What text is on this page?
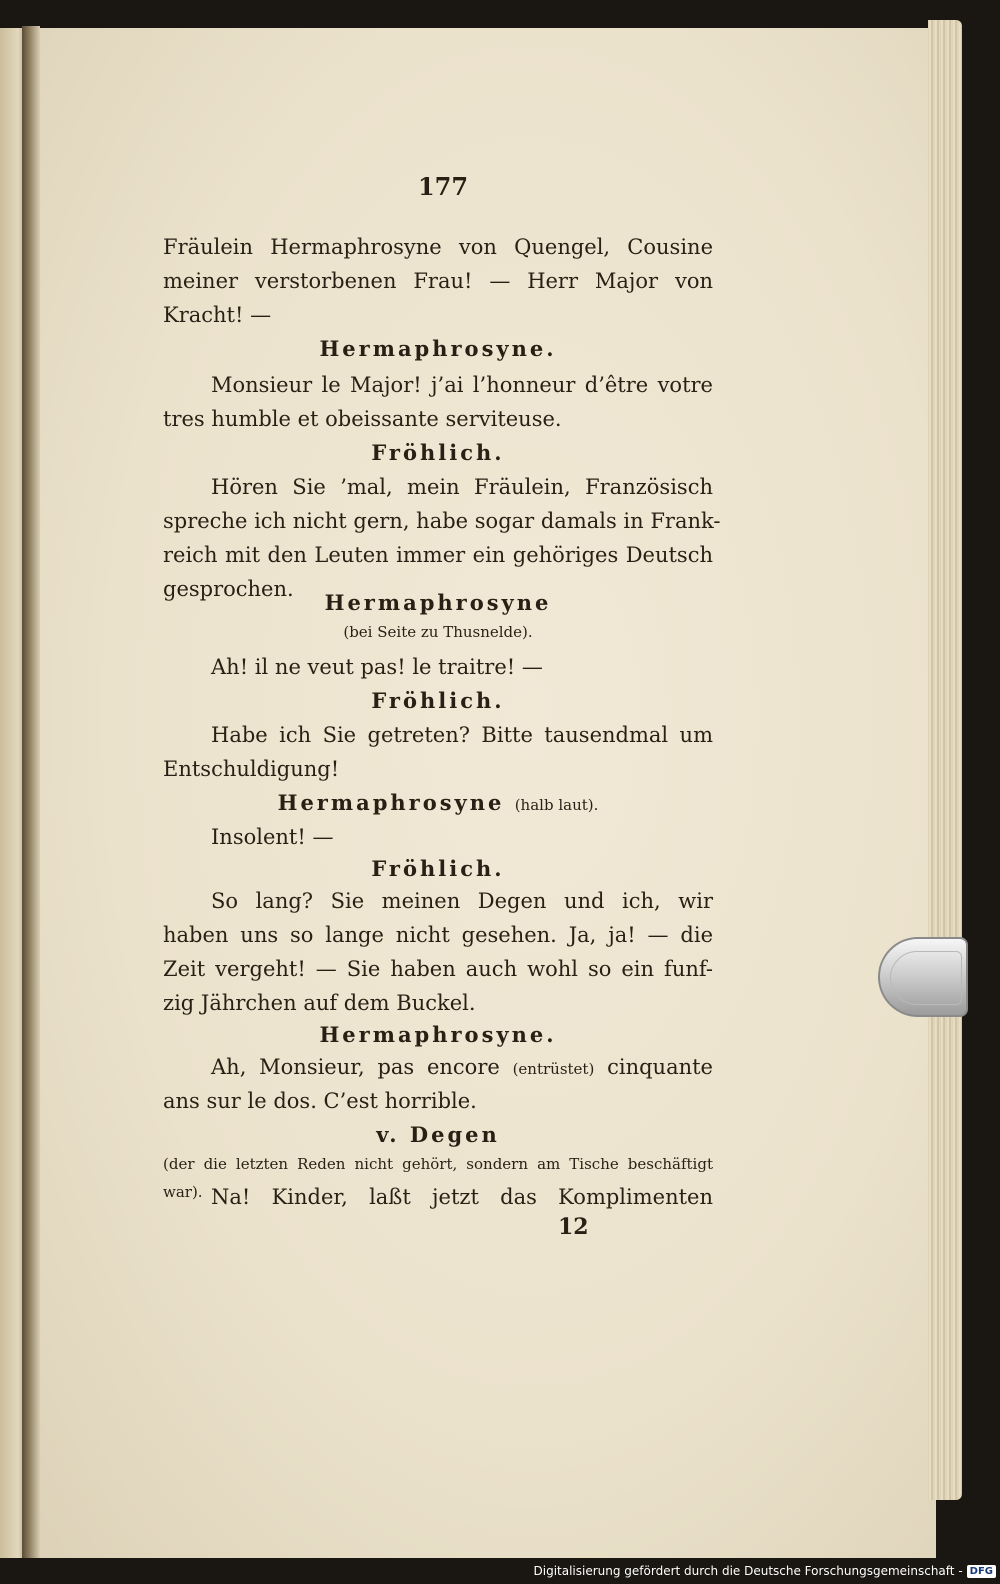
177
Fräulein Hermaphrosyne von Quengel, Cousine
meiner verstorbenen Frau! — Herr Major von
Kracht! —
Hermaphrosyne.
Monsieur le Major! j’ai l’honneur d’être votre
tres humble et obeissante serviteuse.
Fröhlich.
Hören Sie ’mal, mein Fräulein, Französisch
spreche ich nicht gern, habe sogar damals in Frank-
reich mit den Leuten immer ein gehöriges Deutsch
gesprochen.
Hermaphrosyne
(bei Seite zu Thusnelde).
Ah! il ne veut pas! le traitre! —
Fröhlich.
Habe ich Sie getreten? Bitte tausendmal um
Entschuldigung!
Hermaphrosyne (halb laut).
Insolent! —
Fröhlich.
So lang? Sie meinen Degen und ich, wir
haben uns so lange nicht gesehen. Ja, ja! — die
Zeit vergeht! — Sie haben auch wohl so ein funf-
zig Jährchen auf dem Buckel.
Hermaphrosyne.
Ah, Monsieur, pas encore (entrüstet) cinquante
ans sur le dos. C’est horrible.
v. Degen
(der die letzten Reden nicht gehört, sondern am Tische beschäftigt war). Na! Kinder, laßt jetzt das Komplimenten
12
Digitalisierung gefördert durch die Deutsche Forschungsgemeinschaft - DFG
